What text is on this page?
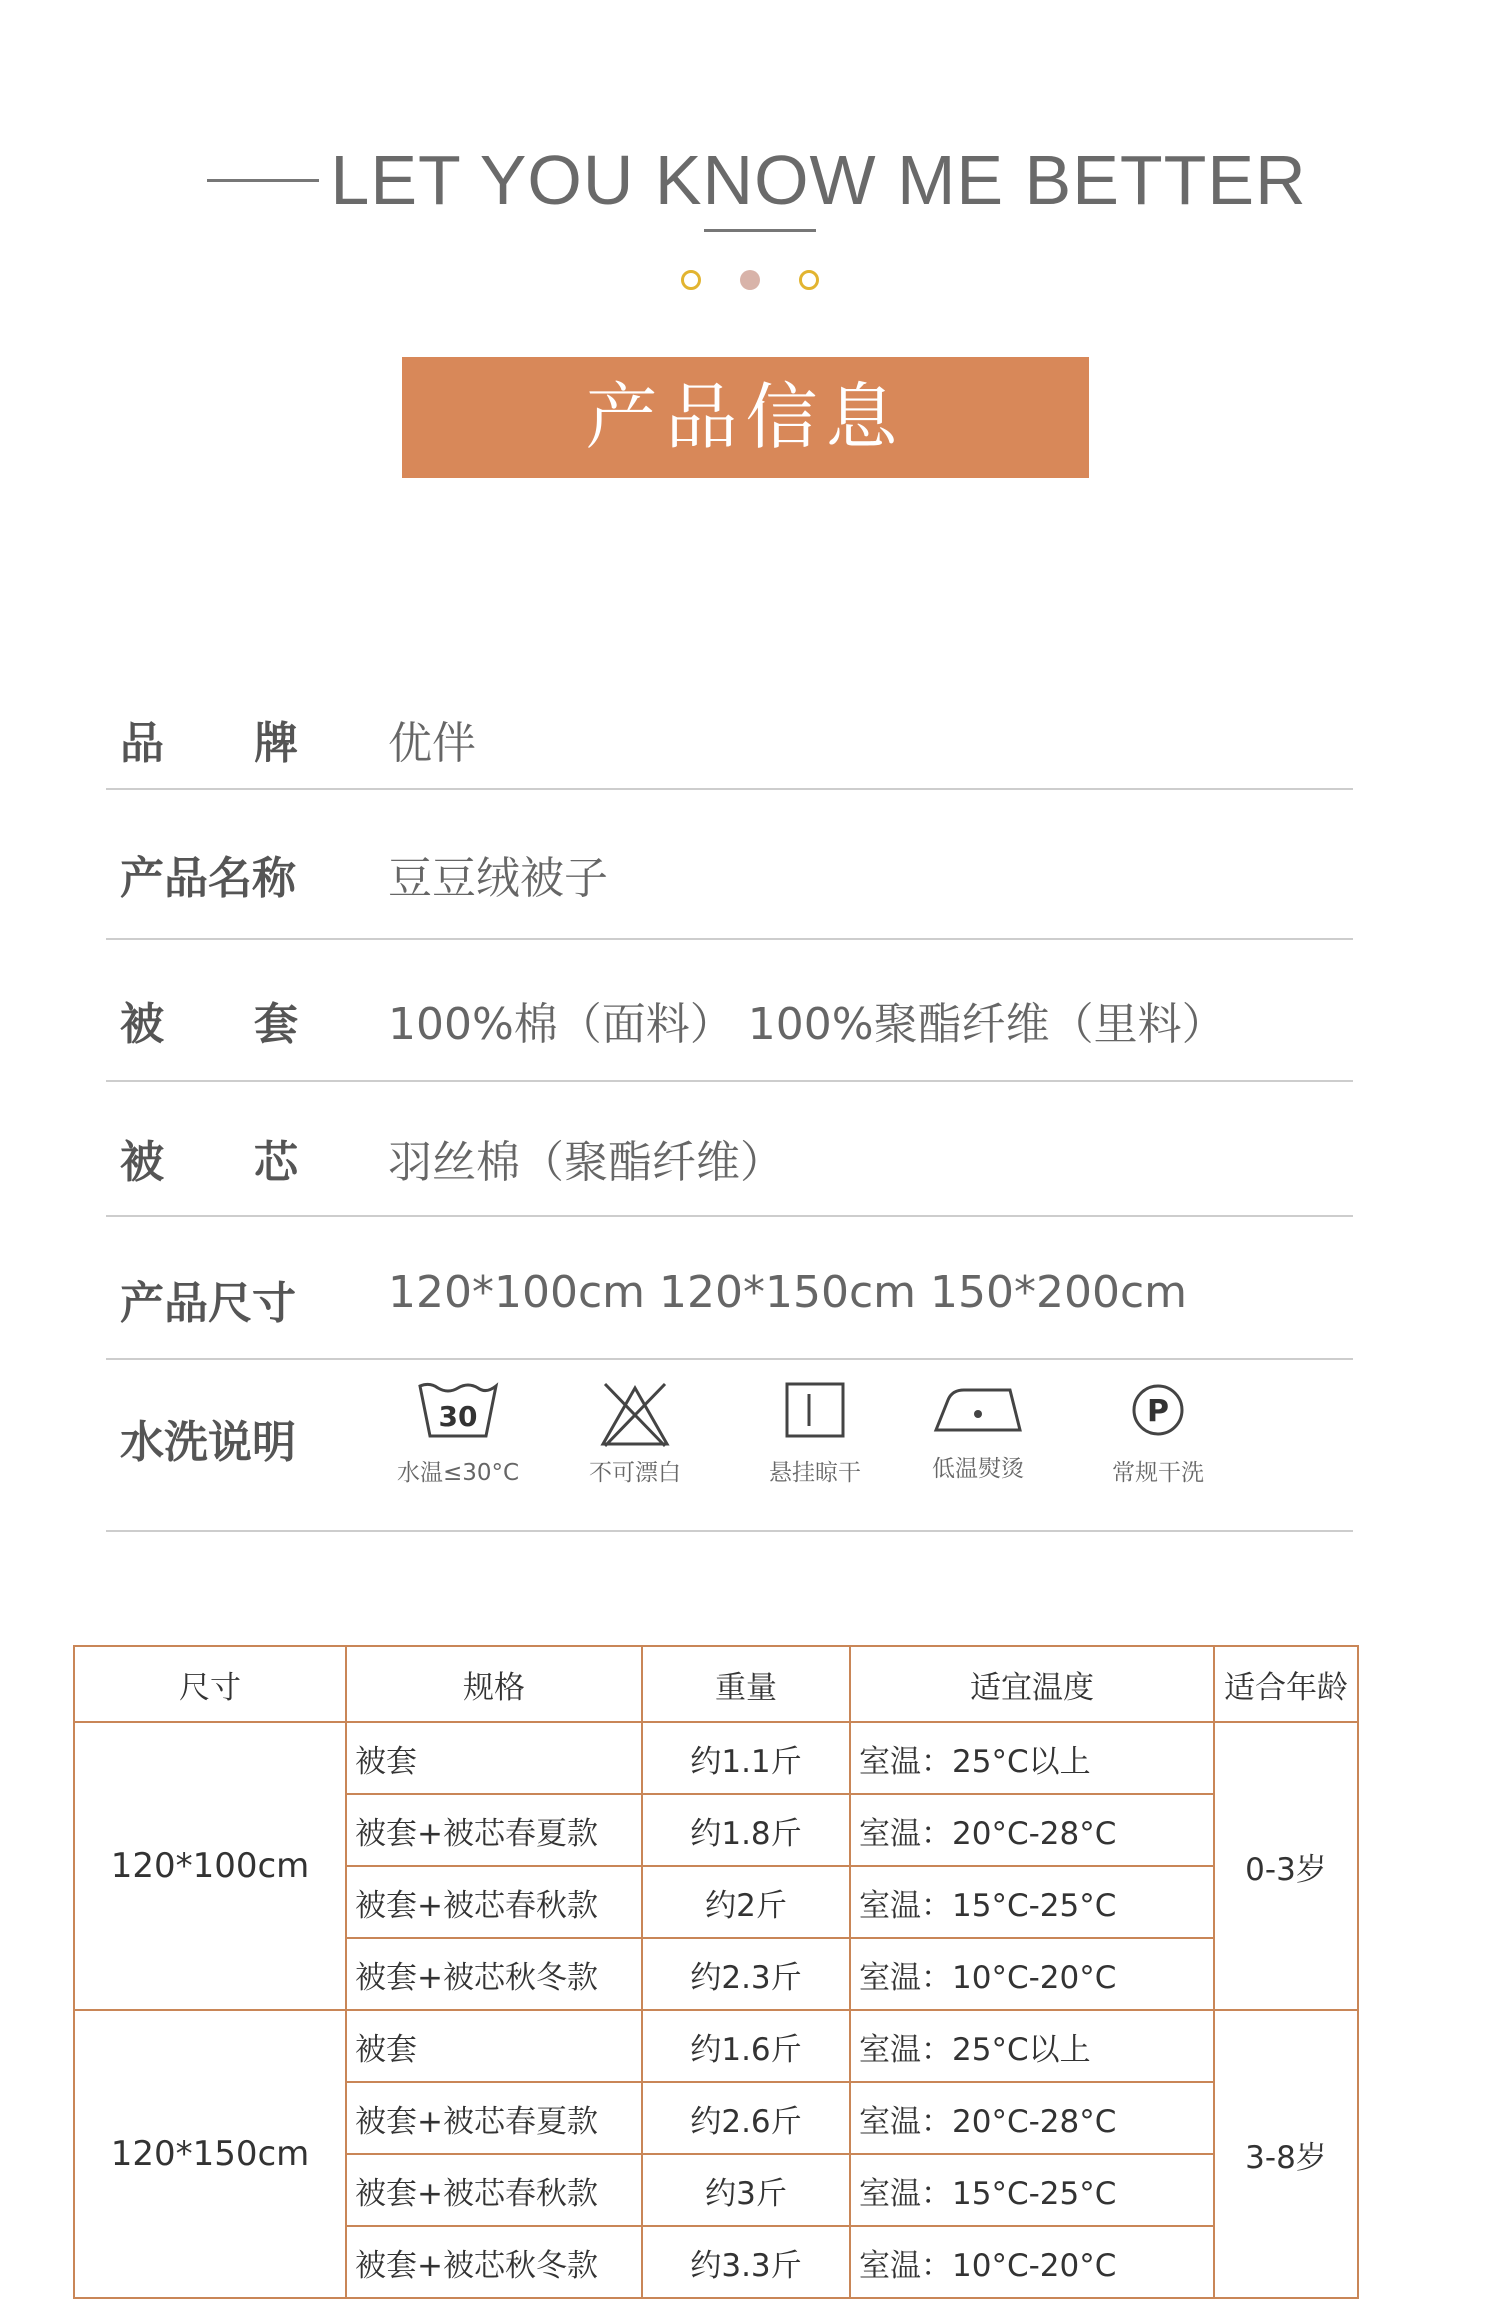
LET YOU KNOW ME BETTER

产品信息
品 牌 优伴
产品名称 豆豆绒被子
被 套 100%棉（面料） 100%聚酯纤维（里料）
被 芯 羽丝棉（聚酯纤维）
产品尺寸 120*100cm 120*150cm 150*200cm
水洗说明
30
水温≤30°C	不可漂白	悬挂晾干	低温熨烫
P
常规干洗
尺寸	规格	重量	适宜温度	适合年龄
120*100cm	被套	约1.1斤	室温：25°C以上	0-3岁
	被套+被芯春夏款	约1.8斤	室温：20°C-28°C	
	被套+被芯春秋款	约2斤	室温：15°C-25°C	
	被套+被芯秋冬款	约2.3斤	室温：10°C-20°C	
120*150cm	被套	约1.6斤	室温：25°C以上	3-8岁
	被套+被芯春夏款	约2.6斤	室温：20°C-28°C	
	被套+被芯春秋款	约3斤	室温：15°C-25°C	
	被套+被芯秋冬款	约3.3斤	室温：10°C-20°C	
